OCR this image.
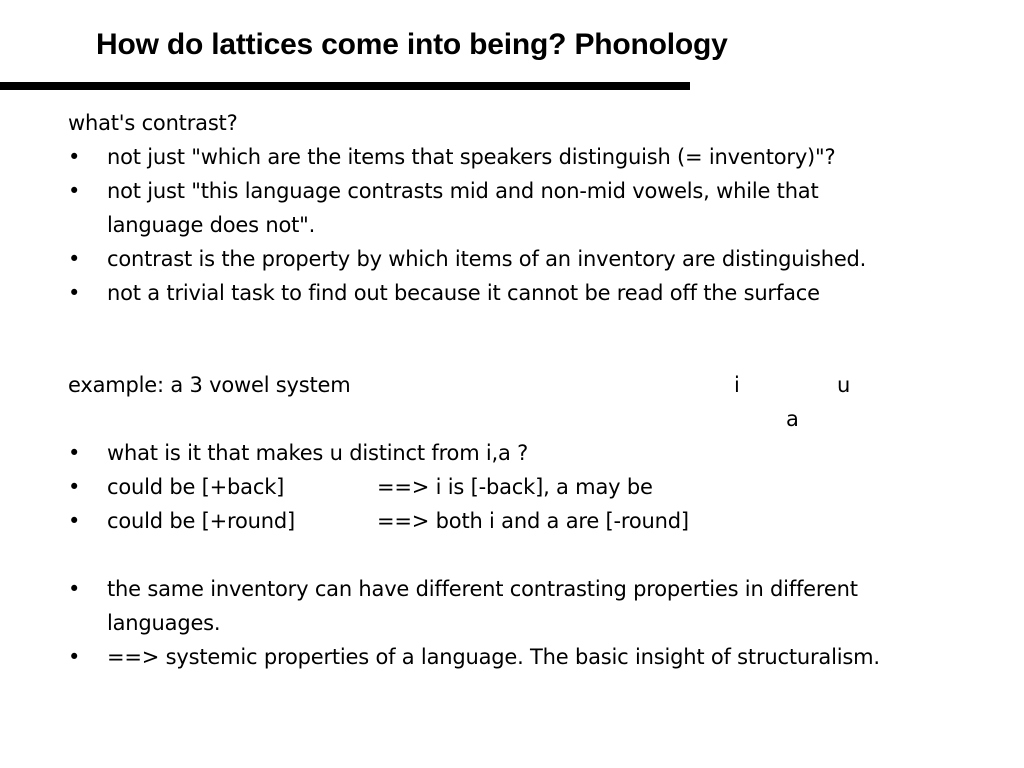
How do lattices come into being? Phonology
what's contrast?
• not just "which are the items that speakers distinguish (= inventory)"?
• not just "this language contrasts mid and non-mid vowels, while that
language does not".
• contrast is the property by which items of an inventory are distinguished.
• not a trivial task to find out because it cannot be read off the surface
example: a 3 vowel system	i	u
a
• what is it that makes u distinct from i,a ?
• could be [+back]	==> i is [-back], a may be
• could be [+round]	==> both i and a are [-round]
• the same inventory can have different contrasting properties in different
languages.
• ==> systemic properties of a language. The basic insight of structuralism.
